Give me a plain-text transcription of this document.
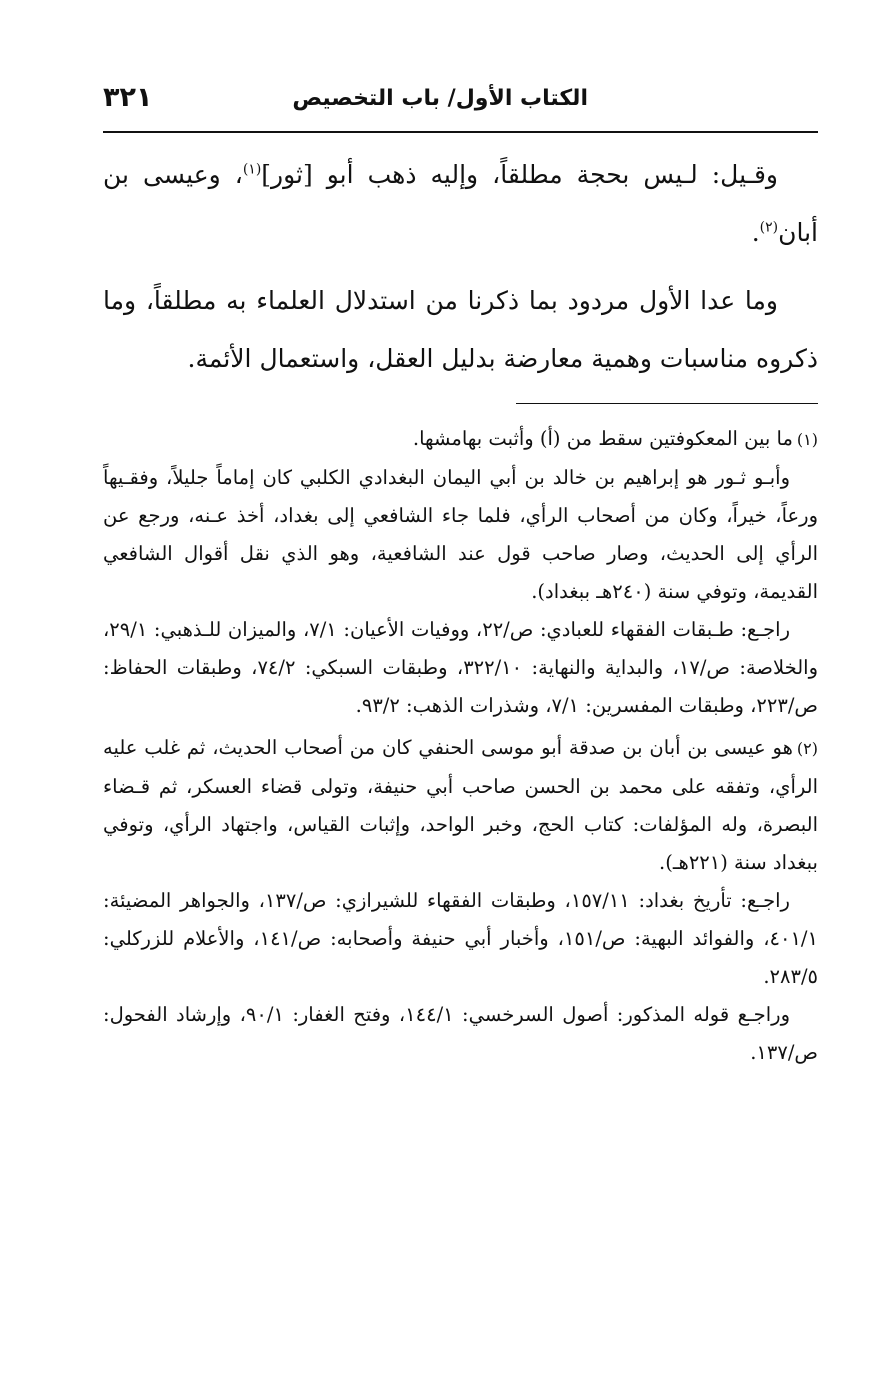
الكتاب الأول/ باب التخصيص
٣٢١

وقـيل: لـيس بحجة مطلقاً، وإليه ذهب أبو [ثور]$^{(١)}$، وعيسى بن أبان$^{(٢)}$.

وما عدا الأول مردود بما ذكرنا من استدلال العلماء به مطلقاً، وما ذكروه مناسبات وهمية معارضة بدليل العقل، واستعمال الأئمة.

(١)ما بين المعكوفتين سقط من (أ) وأثبت بهامشها.

وأبـو ثـور هو إبراهيم بن خالد بن أبي اليمان البغدادي الكلبي كان إماماً جليلاً، وفقـيهاً ورعاً، خيراً، وكان من أصحاب الرأي، فلما جاء الشافعي إلى بغداد، أخذ عـنه، ورجع عن الرأي إلى الحديث، وصار صاحب قول عند الشافعية، وهو الذي نقل أقوال الشافعي القديمة، وتوفي سنة (٢٤٠هـ ببغداد).

راجـع: طـبقات الفقهاء للعبادي: ص/٢٢، ووفيات الأعيان: ٧/١، والميزان للـذهبي: ٢٩/١، والخلاصة: ص/١٧، والبداية والنهاية: ٣٢٢/١٠، وطبقات السبكي: ٧٤/٢، وطبقات الحفاظ: ص/٢٢٣، وطبقات المفسرين: ٧/١، وشذرات الذهب: ٩٣/٢.

(٢)هو عيسى بن أبان بن صدقة أبو موسى الحنفي كان من أصحاب الحديث، ثم غلب عليه الرأي، وتفقه على محمد بن الحسن صاحب أبي حنيفة، وتولى قضاء العسكر، ثم قـضاء البصرة، وله المؤلفات: كتاب الحج، وخبر الواحد، وإثبات القياس، واجتهاد الرأي، وتوفي ببغداد سنة (٢٢١هـ).

راجـع: تأريخ بغداد: ١٥٧/١١، وطبقات الفقهاء للشيرازي: ص/١٣٧، والجواهر المضيئة: ٤٠١/١، والفوائد البهية: ص/١٥١، وأخبار أبي حنيفة وأصحابه: ص/١٤١، والأعلام للزركلي: ٢٨٣/٥.

وراجـع قوله المذكور: أصول السرخسي: ١٤٤/١، وفتح الغفار: ٩٠/١، وإرشاد الفحول: ص/١٣٧.
